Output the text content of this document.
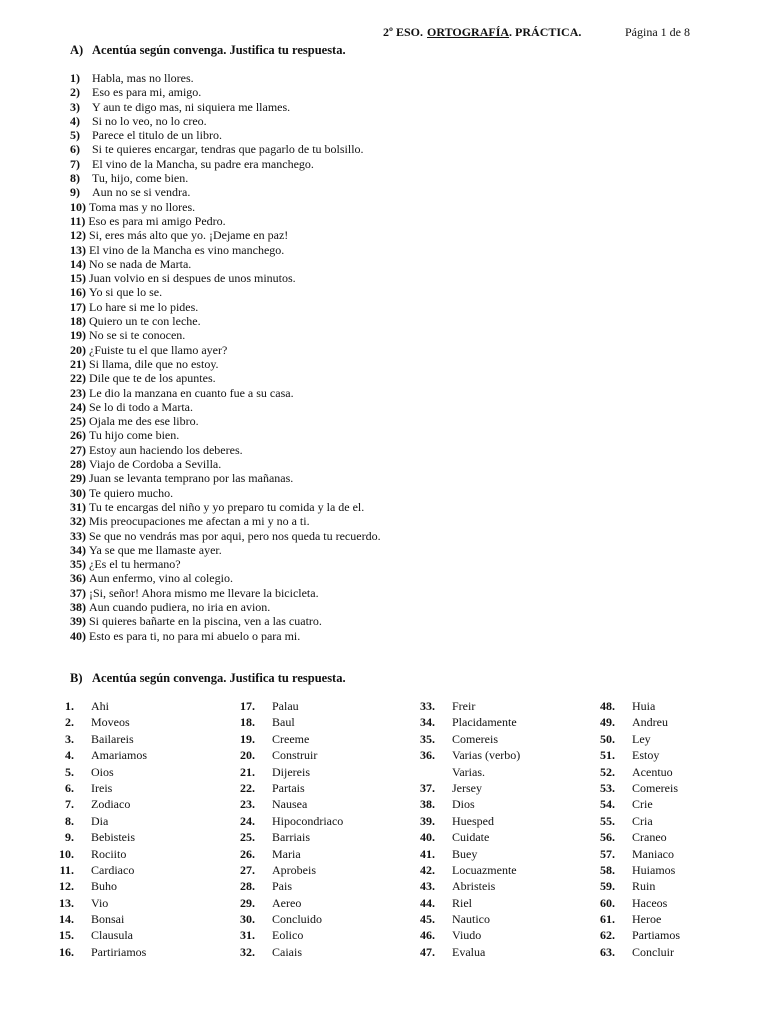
2º ESO. ORTOGRAFÍA. PRÁCTICA.	Página 1 de 8
A) Acentúa según convenga. Justifica tu respuesta.
1)	Habla, mas no llores.
2)	Eso es para mi, amigo.
3)	Y aun te digo mas, ni siquiera me llames.
4)	Si no lo veo, no lo creo.
5)	Parece el titulo de un libro.
6)	Si te quieres encargar, tendras que pagarlo de tu bolsillo.
7)	El vino de la Mancha, su padre era manchego.
8)	Tu, hijo, come bien.
9)	Aun no se si vendra.
10) Toma mas y no llores.
11) Eso es para mi amigo Pedro.
12) Si, eres más alto que yo. ¡Dejame en paz!
13) El vino de la Mancha es vino manchego.
14) No se nada de Marta.
15) Juan volvio en si despues de unos minutos.
16) Yo si que lo se.
17) Lo hare si me lo pides.
18) Quiero un te con leche.
19) No se si te conocen.
20) ¿Fuiste tu el que llamo ayer?
21) Si llama, dile que no estoy.
22) Dile que te de los apuntes.
23) Le dio la manzana en cuanto fue a su casa.
24) Se lo di todo a Marta.
25) Ojala me des ese libro.
26) Tu hijo come bien.
27) Estoy aun haciendo los deberes.
28) Viajo de Cordoba a Sevilla.
29) Juan se levanta temprano por las mañanas.
30) Te quiero mucho.
31) Tu te encargas del niño y yo preparo tu comida y la de el.
32) Mis preocupaciones me afectan a mi y no a ti.
33) Se que no vendrás mas por aqui, pero nos queda tu recuerdo.
34) Ya se que me llamaste ayer.
35) ¿Es el tu hermano?
36) Aun enfermo, vino al colegio.
37) ¡Si, señor! Ahora mismo me llevare la bicicleta.
38) Aun cuando pudiera, no iria en avion.
39) Si quieres bañarte en la piscina, ven a las cuatro.
40) Esto es para ti, no para mi abuelo o para mi.
B) Acentúa según convenga. Justifica tu respuesta.
1. Ahi
2. Moveos
3. Bailareis
4. Amariamos
5. Oios
6. Ireis
7. Zodiaco
8. Dia
9. Bebisteis
10. Rociito
11. Cardiaco
12. Buho
13. Vio
14. Bonsai
15. Clausula
16. Partiriamos
17. Palau
18. Baul
19. Creeme
20. Construir
21. Dijereis
22. Partais
23. Nausea
24. Hipocondriaco
25. Barriais
26. Maria
27. Aprobeis
28. Pais
29. Aereo
30. Concluido
31. Eolico
32. Caiais
33. Freir
34. Placidamente
35. Comereis
36. Varias (verbo)
Varias.
37. Jersey
38. Dios
39. Huesped
40. Cuidate
41. Buey
42. Locuazmente
43. Abristeis
44. Riel
45. Nautico
46. Viudo
47. Evalua
48. Huia
49. Andreu
50. Ley
51. Estoy
52. Acentuo
53. Comereis
54. Crie
55. Cria
56. Craneo
57. Maniaco
58. Huiamos
59. Ruin
60. Haceos
61. Heroe
62. Partiamos
63. Concluir
